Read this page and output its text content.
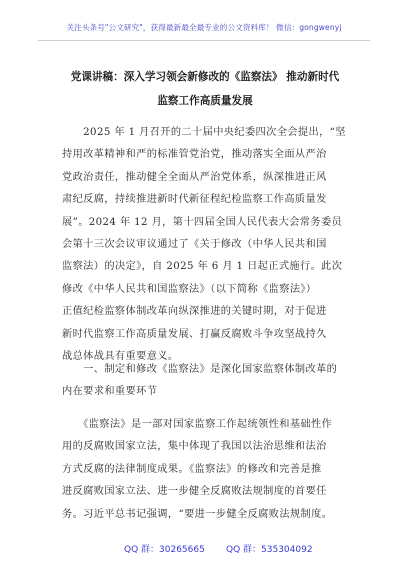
关注头条号"公文研究"，获得最新最全最专业的公文资料库！ 微信：gongwenyj
党课讲稿：深入学习领会新修改的《监察法》 推动新时代
监察工作高质量发展
　　2025 年 1 月召开的二十届中央纪委四次全会提出，“坚
持用改革精神和严的标准管党治党，推动落实全面从严治
党政治责任，推动健全全面从严治党体系，纵深推进正风
肃纪反腐，持续推进新时代新征程纪检监察工作高质量发
展”。2024 年 12 月，第十四届全国人民代表大会常务委员
会第十三次会议审议通过了《关于修改（中华人民共和国
监察法）的决定》，自 2025 年 6 月 1 日起正式施行。此次
修改《中华人民共和国监察法》（以下简称《监察法》）
正值纪检监察体制改革向纵深推进的关键时期，对于促进
新时代监察工作高质量发展、打赢反腐败斗争攻坚战持久
战总体战具有重要意义。
　　一、制定和修改《监察法》是深化国家监察体制改革的
内在要求和重要环节
　　《监察法》是一部对国家监察工作起统领性和基础性作
用的反腐败国家立法，集中体现了我国以法治思维和法治
方式反腐的法律制度成果。《监察法》的修改和完善是推
进反腐败国家立法、进一步健全反腐败法规制度的首要任
务。习近平总书记强调，“要进一步健全反腐败法规制度。
QQ 群：30265665 QQ 群：535304092
